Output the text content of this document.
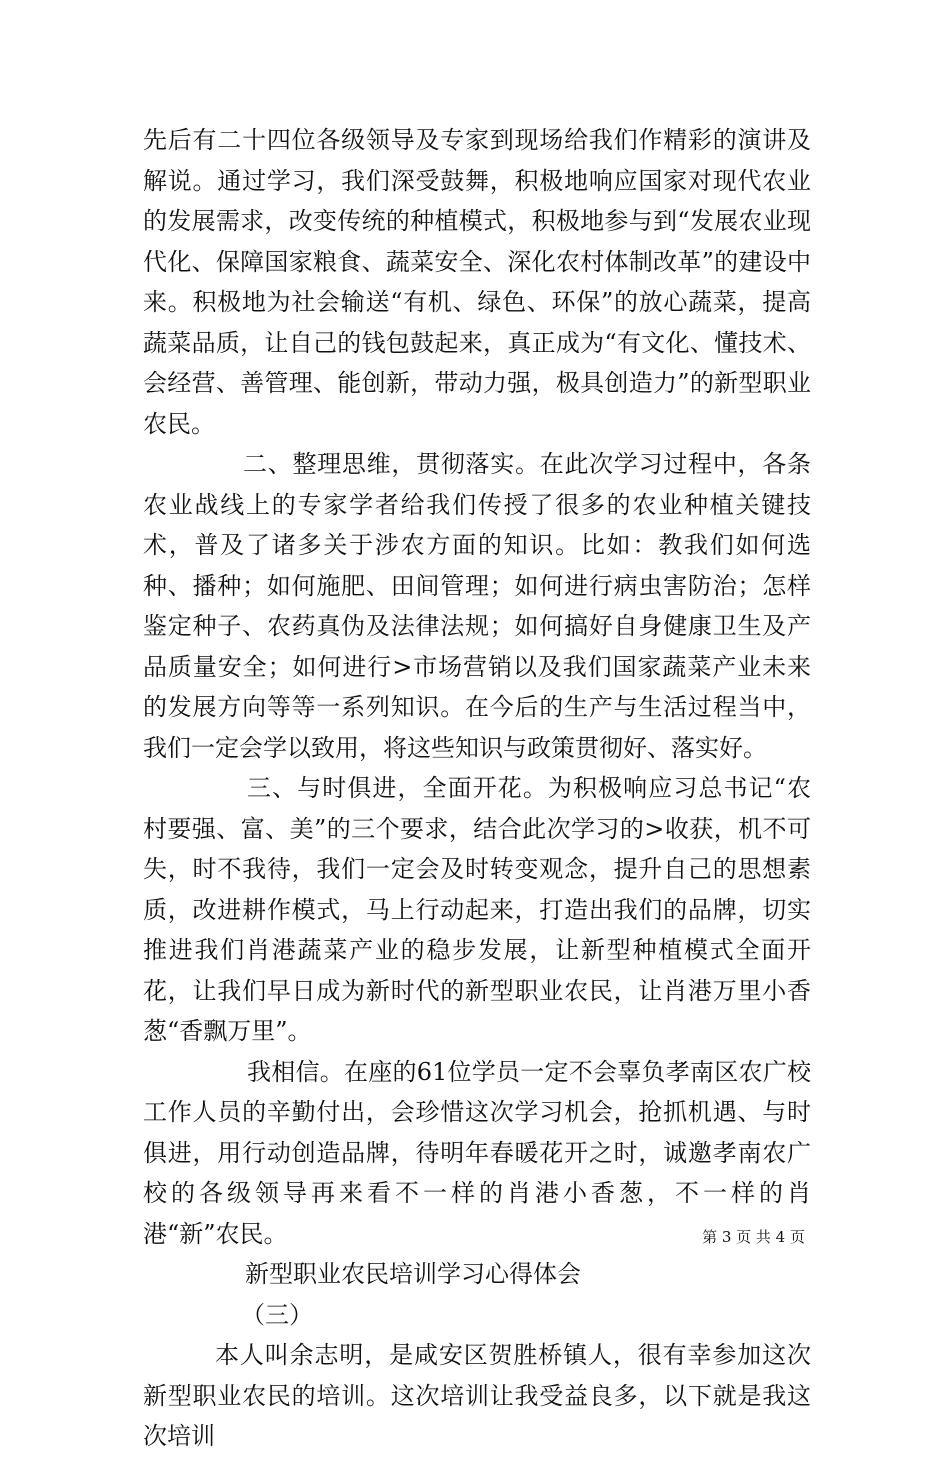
先后有二十四位各级领导及专家到现场给我们作精彩的演讲及解说。通过学习，我们深受鼓舞，积极地响应国家对现代农业的发展需求，改变传统的种植模式，积极地参与到“发展农业现代化、保障国家粮食、蔬菜安全、深化农村体制改革”的建设中来。积极地为社会输送“有机、绿色、环保”的放心蔬菜，提高蔬菜品质，让自己的钱包鼓起来，真正成为“有文化、懂技术、会经营、善管理、能创新，带动力强，极具创造力”的新型职业农民。

二、整理思维，贯彻落实。在此次学习过程中，各条农业战线上的专家学者给我们传授了很多的农业种植关键技术，普及了诸多关于涉农方面的知识。比如：教我们如何选种、播种；如何施肥、田间管理；如何进行病虫害防治；怎样鉴定种子、农药真伪及法律法规；如何搞好自身健康卫生及产品质量安全；如何进行>市场营销以及我们国家蔬菜产业未来的发展方向等等一系列知识。在今后的生产与生活过程当中，我们一定会学以致用，将这些知识与政策贯彻好、落实好。

三、与时俱进，全面开花。为积极响应习总书记“农村要强、富、美”的三个要求，结合此次学习的>收获，机不可失，时不我待，我们一定会及时转变观念，提升自己的思想素质，改进耕作模式，马上行动起来，打造出我们的品牌，切实推进我们肖港蔬菜产业的稳步发展，让新型种植模式全面开花，让我们早日成为新时代的新型职业农民，让肖港万里小香葱“香飘万里”。

我相信。在座的61位学员一定不会辜负孝南区农广校工作人员的辛勤付出，会珍惜这次学习机会，抢抓机遇、与时俱进，用行动创造品牌，待明年春暖花开之时，诚邀孝南农广校的各级领导再来看不一样的肖港小香葱，不一样的肖港“新”农民。

新型职业农民培训学习心得体会

（三）

本人叫余志明，是咸安区贺胜桥镇人，很有幸参加这次新型职业农民的培训。这次培训让我受益良多，以下就是我这次培训

第 3 页 共 4 页
